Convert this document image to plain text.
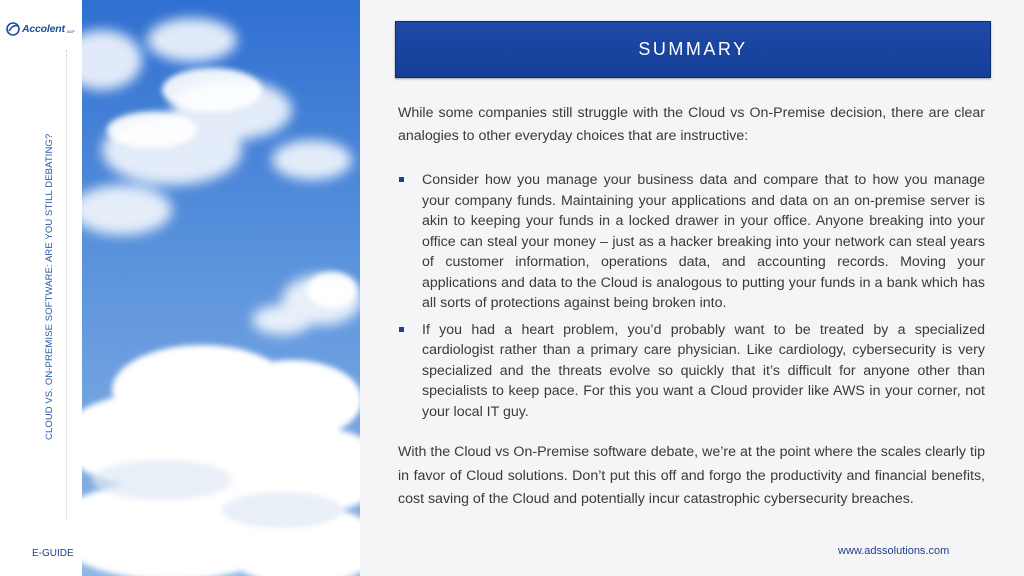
Accolent ADP
CLOUD VS. ON-PREMISE SOFTWARE: ARE YOU STILL DEBATING?
E-GUIDE
SUMMARY

While some companies still struggle with the Cloud vs On-Premise decision, there are clear analogies to other everyday choices that are instructive:

Consider how you manage your business data and compare that to how you manage your company funds. Maintaining your applications and data on an on-premise server is akin to keeping your funds in a locked drawer in your office. Anyone breaking into your office can steal your money – just as a hacker breaking into your network can steal years of customer information, operations data, and accounting records. Moving your applications and data to the Cloud is analogous to putting your funds in a bank which has all sorts of protections against being broken into.
If you had a heart problem, you’d probably want to be treated by a specialized cardiologist rather than a primary care physician. Like cardiology, cybersecurity is very specialized and the threats evolve so quickly that it’s difficult for anyone other than specialists to keep pace. For this you want a Cloud provider like AWS in your corner, not your local IT guy.

With the Cloud vs On-Premise software debate, we’re at the point where the scales clearly tip in favor of Cloud solutions. Don’t put this off and forgo the productivity and financial benefits, cost saving of the Cloud and potentially incur catastrophic cybersecurity breaches.

www.adssolutions.com
